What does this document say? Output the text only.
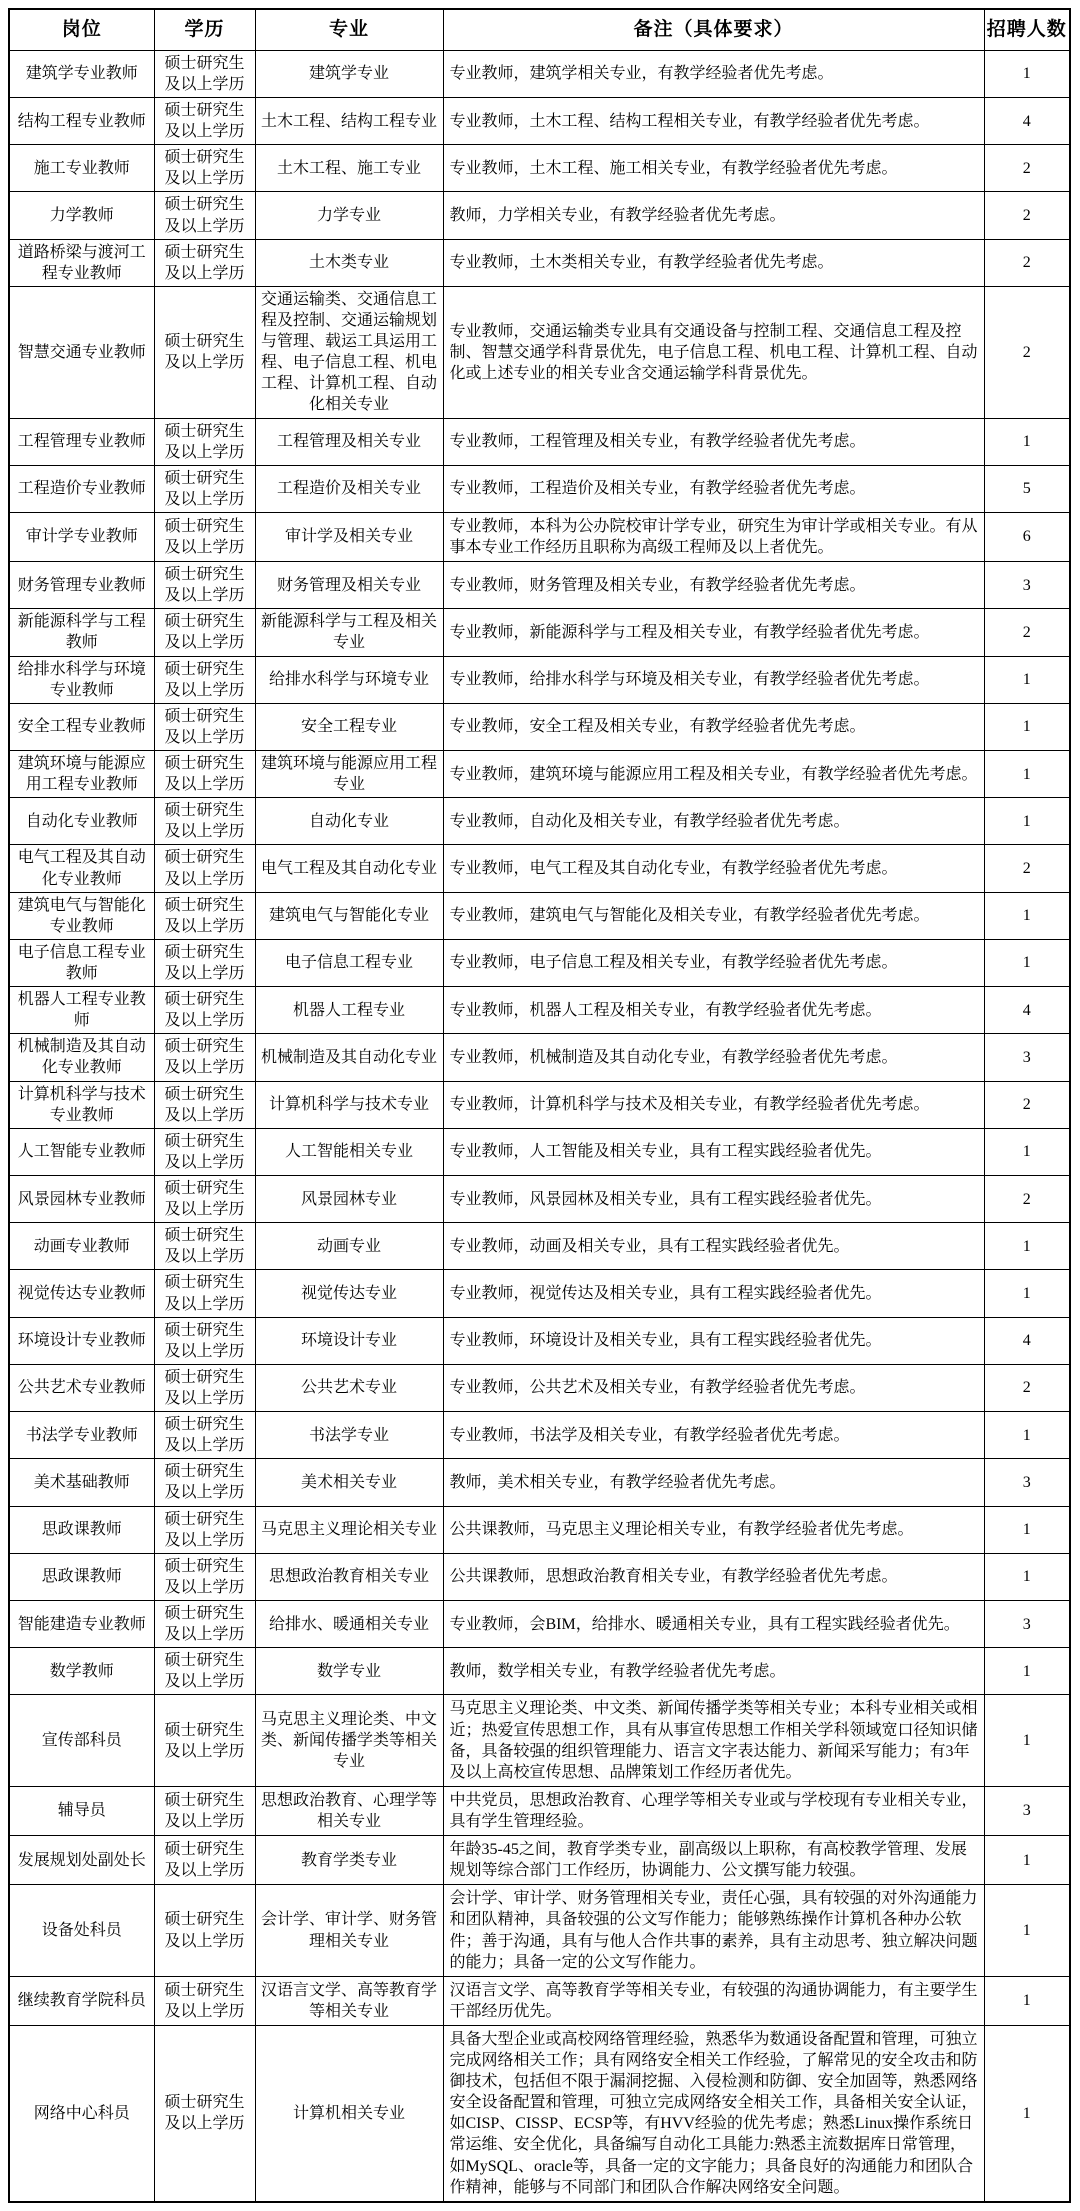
岗位	学历	专业	备注（具体要求）	招聘人数
建筑学专业教师	硕士研究生及以上学历	建筑学专业	专业教师，建筑学相关专业，有教学经验者优先考虑。	1
结构工程专业教师	硕士研究生及以上学历	土木工程、结构工程专业	专业教师，土木工程、结构工程相关专业，有教学经验者优先考虑。	4
施工专业教师	硕士研究生及以上学历	土木工程、施工专业	专业教师，土木工程、施工相关专业，有教学经验者优先考虑。	2
力学教师	硕士研究生及以上学历	力学专业	教师，力学相关专业，有教学经验者优先考虑。	2
道路桥梁与渡河工程专业教师	硕士研究生及以上学历	土木类专业	专业教师，土木类相关专业，有教学经验者优先考虑。	2
智慧交通专业教师	硕士研究生及以上学历	交通运输类、交通信息工程及控制、交通运输规划与管理、载运工具运用工程、电子信息工程、机电工程、计算机工程、自动化相关专业	专业教师，交通运输类专业具有交通设备与控制工程、交通信息工程及控制、智慧交通学科背景优先，电子信息工程、机电工程、计算机工程、自动化或上述专业的相关专业含交通运输学科背景优先。	2
工程管理专业教师	硕士研究生及以上学历	工程管理及相关专业	专业教师，工程管理及相关专业，有教学经验者优先考虑。	1
工程造价专业教师	硕士研究生及以上学历	工程造价及相关专业	专业教师，工程造价及相关专业，有教学经验者优先考虑。	5
审计学专业教师	硕士研究生及以上学历	审计学及相关专业	专业教师，本科为公办院校审计学专业，研究生为审计学或相关专业。有从事本专业工作经历且职称为高级工程师及以上者优先。	6
财务管理专业教师	硕士研究生及以上学历	财务管理及相关专业	专业教师，财务管理及相关专业，有教学经验者优先考虑。	3
新能源科学与工程教师	硕士研究生及以上学历	新能源科学与工程及相关专业	专业教师，新能源科学与工程及相关专业，有教学经验者优先考虑。	2
给排水科学与环境专业教师	硕士研究生及以上学历	给排水科学与环境专业	专业教师，给排水科学与环境及相关专业，有教学经验者优先考虑。	1
安全工程专业教师	硕士研究生及以上学历	安全工程专业	专业教师，安全工程及相关专业，有教学经验者优先考虑。	1
建筑环境与能源应用工程专业教师	硕士研究生及以上学历	建筑环境与能源应用工程专业	专业教师，建筑环境与能源应用工程及相关专业，有教学经验者优先考虑。	1
自动化专业教师	硕士研究生及以上学历	自动化专业	专业教师，自动化及相关专业，有教学经验者优先考虑。	1
电气工程及其自动化专业教师	硕士研究生及以上学历	电气工程及其自动化专业	专业教师，电气工程及其自动化专业，有教学经验者优先考虑。	2
建筑电气与智能化专业教师	硕士研究生及以上学历	建筑电气与智能化专业	专业教师，建筑电气与智能化及相关专业，有教学经验者优先考虑。	1
电子信息工程专业教师	硕士研究生及以上学历	电子信息工程专业	专业教师，电子信息工程及相关专业，有教学经验者优先考虑。	1
机器人工程专业教师	硕士研究生及以上学历	机器人工程专业	专业教师，机器人工程及相关专业，有教学经验者优先考虑。	4
机械制造及其自动化专业教师	硕士研究生及以上学历	机械制造及其自动化专业	专业教师，机械制造及其自动化专业，有教学经验者优先考虑。	3
计算机科学与技术专业教师	硕士研究生及以上学历	计算机科学与技术专业	专业教师，计算机科学与技术及相关专业，有教学经验者优先考虑。	2
人工智能专业教师	硕士研究生及以上学历	人工智能相关专业	专业教师，人工智能及相关专业，具有工程实践经验者优先。	1
风景园林专业教师	硕士研究生及以上学历	风景园林专业	专业教师，风景园林及相关专业，具有工程实践经验者优先。	2
动画专业教师	硕士研究生及以上学历	动画专业	专业教师，动画及相关专业，具有工程实践经验者优先。	1
视觉传达专业教师	硕士研究生及以上学历	视觉传达专业	专业教师，视觉传达及相关专业，具有工程实践经验者优先。	1
环境设计专业教师	硕士研究生及以上学历	环境设计专业	专业教师，环境设计及相关专业，具有工程实践经验者优先。	4
公共艺术专业教师	硕士研究生及以上学历	公共艺术专业	专业教师，公共艺术及相关专业，有教学经验者优先考虑。	2
书法学专业教师	硕士研究生及以上学历	书法学专业	专业教师，书法学及相关专业，有教学经验者优先考虑。	1
美术基础教师	硕士研究生及以上学历	美术相关专业	教师，美术相关专业，有教学经验者优先考虑。	3
思政课教师	硕士研究生及以上学历	马克思主义理论相关专业	公共课教师，马克思主义理论相关专业，有教学经验者优先考虑。	1
思政课教师	硕士研究生及以上学历	思想政治教育相关专业	公共课教师，思想政治教育相关专业，有教学经验者优先考虑。	1
智能建造专业教师	硕士研究生及以上学历	给排水、暖通相关专业	专业教师，会BIM，给排水、暖通相关专业，具有工程实践经验者优先。	3
数学教师	硕士研究生及以上学历	数学专业	教师，数学相关专业，有教学经验者优先考虑。	1
宣传部科员	硕士研究生及以上学历	马克思主义理论类、中文类、新闻传播学类等相关专业	马克思主义理论类、中文类、新闻传播学类等相关专业；本科专业相关或相近；热爱宣传思想工作，具有从事宣传思想工作相关学科领域宽口径知识储备，具备较强的组织管理能力、语言文字表达能力、新闻采写能力；有3年及以上高校宣传思想、品牌策划工作经历者优先。	1
辅导员	硕士研究生及以上学历	思想政治教育、心理学等相关专业	中共党员，思想政治教育、心理学等相关专业或与学校现有专业相关专业，具有学生管理经验。	3
发展规划处副处长	硕士研究生及以上学历	教育学类专业	年龄35-45之间，教育学类专业，副高级以上职称，有高校教学管理、发展规划等综合部门工作经历，协调能力、公文撰写能力较强。	1
设备处科员	硕士研究生及以上学历	会计学、审计学、财务管理相关专业	会计学、审计学、财务管理相关专业，责任心强，具有较强的对外沟通能力和团队精神，具备较强的公文写作能力；能够熟练操作计算机各种办公软件；善于沟通，具有与他人合作共事的素养，具有主动思考、独立解决问题的能力；具备一定的公文写作能力。	1
继续教育学院科员	硕士研究生及以上学历	汉语言文学、高等教育学等相关专业	汉语言文学、高等教育学等相关专业，有较强的沟通协调能力，有主要学生干部经历优先。	1
网络中心科员	硕士研究生及以上学历	计算机相关专业	具备大型企业或高校网络管理经验，熟悉华为数通设备配置和管理，可独立完成网络相关工作；具有网络安全相关工作经验，了解常见的安全攻击和防御技术，包括但不限于漏洞挖掘、入侵检测和防御、安全加固等，熟悉网络安全设备配置和管理，可独立完成网络安全相关工作，具备相关安全认证，如CISP、CISSP、ECSP等，有HVV经验的优先考虑；熟悉Linux操作系统日常运维、安全优化，具备编写自动化工具能力:熟悉主流数据库日常管理，如MySQL、oracle等，具备一定的文字能力；具备良好的沟通能力和团队合作精神，能够与不同部门和团队合作解决网络安全问题。	1
